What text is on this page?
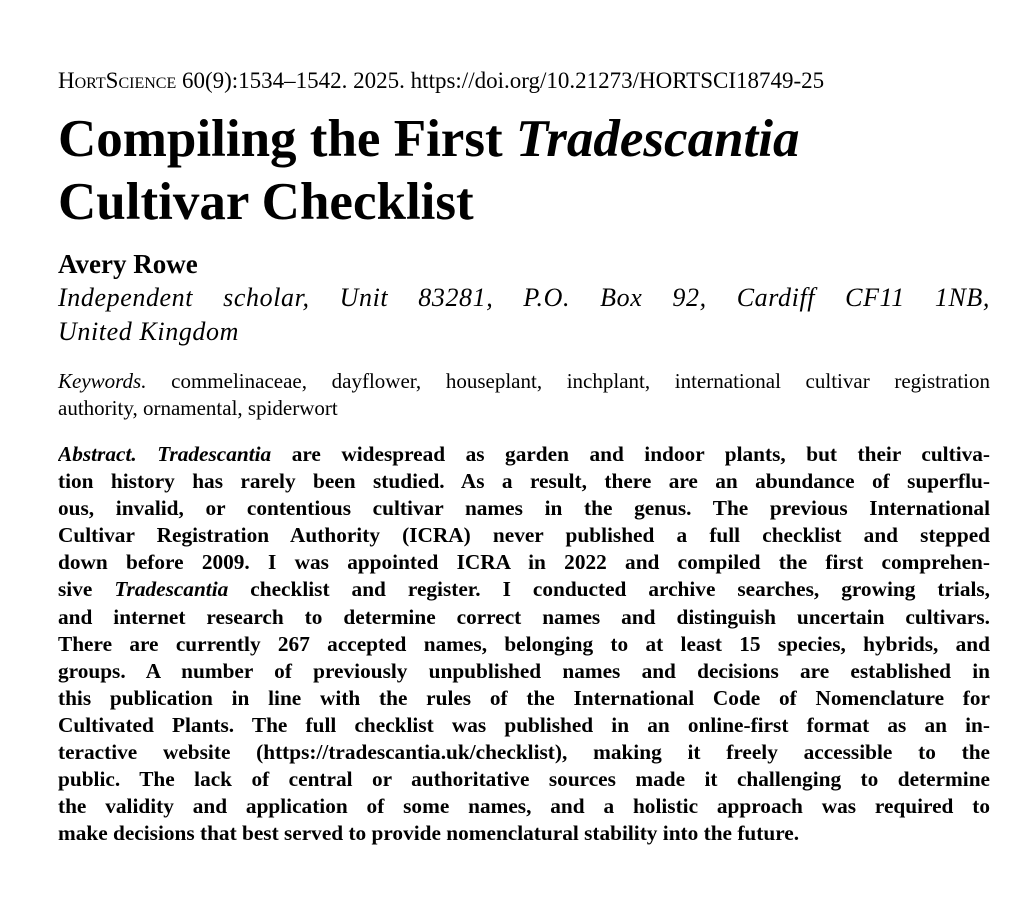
HortScience 60(9):1534–1542. 2025. https://doi.org/10.21273/HORTSCI18749-25
Compiling the First Tradescantia
Cultivar Checklist
Avery Rowe
Independent scholar, Unit 83281, P.O. Box 92, Cardiff CF11 1NB,
United Kingdom
Keywords. commelinaceae, dayflower, houseplant, inchplant, international cultivar registration
authority, ornamental, spiderwort
Abstract. Tradescantia are widespread as garden and indoor plants, but their cultiva-
tion history has rarely been studied. As a result, there are an abundance of superflu-
ous, invalid, or contentious cultivar names in the genus. The previous International
Cultivar Registration Authority (ICRA) never published a full checklist and stepped
down before 2009. I was appointed ICRA in 2022 and compiled the first comprehen-
sive Tradescantia checklist and register. I conducted archive searches, growing trials,
and internet research to determine correct names and distinguish uncertain cultivars.
There are currently 267 accepted names, belonging to at least 15 species, hybrids, and
groups. A number of previously unpublished names and decisions are established in
this publication in line with the rules of the International Code of Nomenclature for
Cultivated Plants. The full checklist was published in an online-first format as an in-
teractive website (https://tradescantia.uk/checklist), making it freely accessible to the
public. The lack of central or authoritative sources made it challenging to determine
the validity and application of some names, and a holistic approach was required to
make decisions that best served to provide nomenclatural stability into the future.
